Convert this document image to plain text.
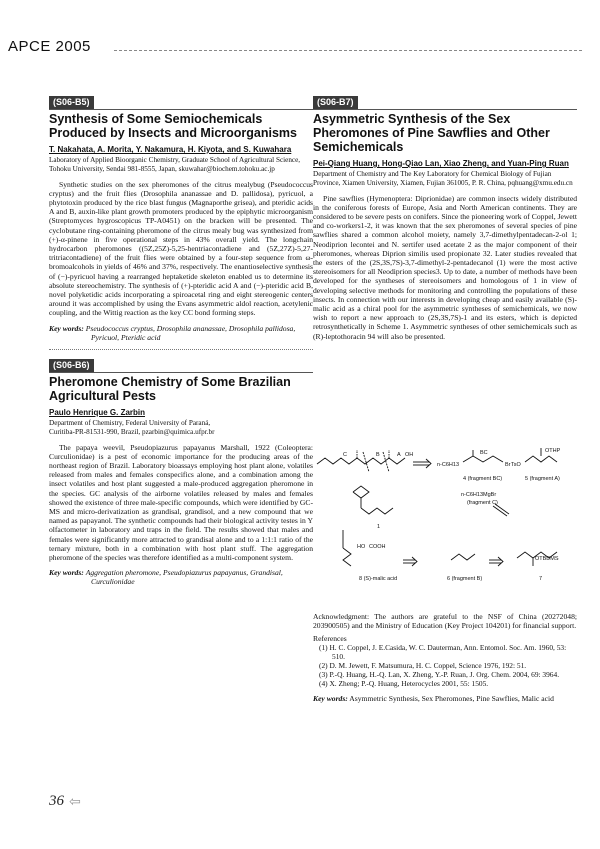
APCE 2005
(S06-B5)
Synthesis of Some Semiochemicals Produced by Insects and Microorganisms
T. Nakahata, A. Morita, Y. Nakamura, H. Kiyota, and S. Kuwahara
Laboratory of Applied Bioorganic Chemistry, Graduate School of Agricultural Science, Tohoku University, Sendai 981-8555, Japan, skuwahar@biochem.tohoku.ac.jp

Synthetic studies on the sex pheromones of the citrus mealybug (Pseudococcus cryptus) and the fruit flies (Drosophila ananassae and D. pallidosa), pyricuol, a phytotoxin produced by the rice blast fungus (Magnaporthe grisea), and pteridic acids A and B, auxin-like plant growth promoters produced by the epiphytic microorganism (Streptomyces hygroscopicus TP-A0451) on the bracken will be presented. The cyclobutane ring-containing pheromone of the citrus mealy bug was synthesized from (+)-α-pinene in five operational steps in 43% overall yield. The longchain hydrocarbon pheromones ((5Z,25Z)-5,25-hentriacontadiene and (5Z,27Z)-5,27-tritriacontadiene) of the fruit flies were obtained by a four-step sequence from ω-bromoalcohols in yields of 46% and 37%, respectively. The enantioselective synthesis of (−)-pyricuol having a rearranged heptaketide skeleton enabled us to determine its absolute stereochemistry. The synthesis of (+)-pteridic acid A and (−)-pteridic acid B, novel polyketidic acids incorporating a spiroacetal ring and eight stereogenic centers around it was accomplished by using the Evans asymmetric aldol reaction, acetylenic coupling, and the Wittig reaction as the key CC bond forming steps.

Key words: Pseudococcus cryptus, Drosophila ananassae, Drosophila pallidosa, Pyricuol, Pteridic acid
(S06-B6)
Pheromone Chemistry of Some Brazilian Agricultural Pests
Paulo Henrique G. Zarbin
Department of Chemistry, Federal University of Paraná,
Curitiba-PR-81531-990, Brazil, pzarbin@quimica.ufpr.br

The papaya weevil, Pseudopiazurus papayanus Marshall, 1922 (Coleoptera: Curculionidae) is a pest of economic importance for the producing areas of the northeast region of Brazil. Laboratory bioassays employing host plant alone, volatiles released from males and females conspecifics alone, and a combination among the insect volatiles and host plant suggested a male-produced aggregation pheromone in the species. GC analysis of the airborne volatiles released by males and females showed the existence of three male-specific compounds, which were identified by GC-MS and micro-derivatization as grandisal, grandisol, and a new compound that we named as papayanol. The synthetic compounds had their biological activity testes in Y olfactometer in laboratory and traps in the field. The results showed that males and females were significantly more attracted to grandisal alone and to a 1:1:1 ratio of the ternary mixture, both in a combination with host plant stuff. The aggregation pheromone of the species was therefore identified as a multi-component system.

Key words: Aggregation pheromone, Pseudopiazurus papayanus, Grandisal, Curculionidae
(S06-B7)
Asymmetric Synthesis of the Sex Pheromones of Pine Sawflies and Other Semichemicals
Pei-Qiang Huang, Hong-Qiao Lan, Xiao Zheng, and Yuan-Ping Ruan
Department of Chemistry and The Key Laboratory for Chemical Biology of Fujian Province, Xiamen University, Xiamen, Fujian 361005, P. R. China, pqhuang@xmu.edu.cn

Pine sawflies (Hymenoptera: Diprionidae) are common insects widely distributed in the coniferous forests of Europe, Asia and North American continents. They are considered to be severe pests on conifers. Since the pioneering work of Coppel, Jewett and co-workers1-2, it was known that the sex pheromones of several species of pine sawflies shared a common alcohol moiety, namely 3,7-dimethylpentadecan-2-ol 1; Neodiprion lecontei and N. sertifer used acetate 2 as the major component of their pheromones, whereas Diprion similis used propionate 32. Later studies revealed that the esters of the (2S,3S,7S)-3,7-dimethyl-2-pentadecanol (1) were the most active stereoisomers for all Neodiprion species3. Up to date, a number of methods have been developed for the syntheses of stereoisomers and homologous of 1 in view of developing selective methods for monitoring and controlling the populations of these insects. In connection with our interests in developing cheap and easily available (S)-malic acid as a chiral pool for the asymmetric syntheses of semichemicals, we now wish to report a new approach to (2S,3S,7S)-1 and its esters, which is depicted retrosynthetically in Scheme 1. Asymmetric syntheses of other semichemicals such as (R)-leptothoracin 94 will also be presented.

C	B	A OH	BC
n-C6H13	Br
4 (fragment BC)
OTHP
TsO
5 (fragment A)
n-C6H13MgBr
(fragment C)
OTBDMS
COOH
HO
8 (S)-malic acid	6 (fragment B)	7
1

Acknowledgment: The authors are grateful to the NSF of China (20272048; 203900505) and the Ministry of Education (Key Project 104201) for financial support.

References
(1) H. C. Coppel, J. E.Casida, W. C. Dauterman, Ann. Entomol. Soc. Am. 1960, 53: 510.
(2) D. M. Jewett, F. Matsumura, H. C. Coppel, Science 1976, 192: 51.
(3) P.-Q. Huang, H.-Q. Lan, X. Zheng, Y.-P. Ruan, J. Org. Chem. 2004, 69: 3964.
(4) X. Zheng; P.-Q. Huang, Heterocycles 2001, 55: 1505.
Key words: Asymmetric Synthesis, Sex Pheromones, Pine Sawflies, Malic acid
36 ⇦
